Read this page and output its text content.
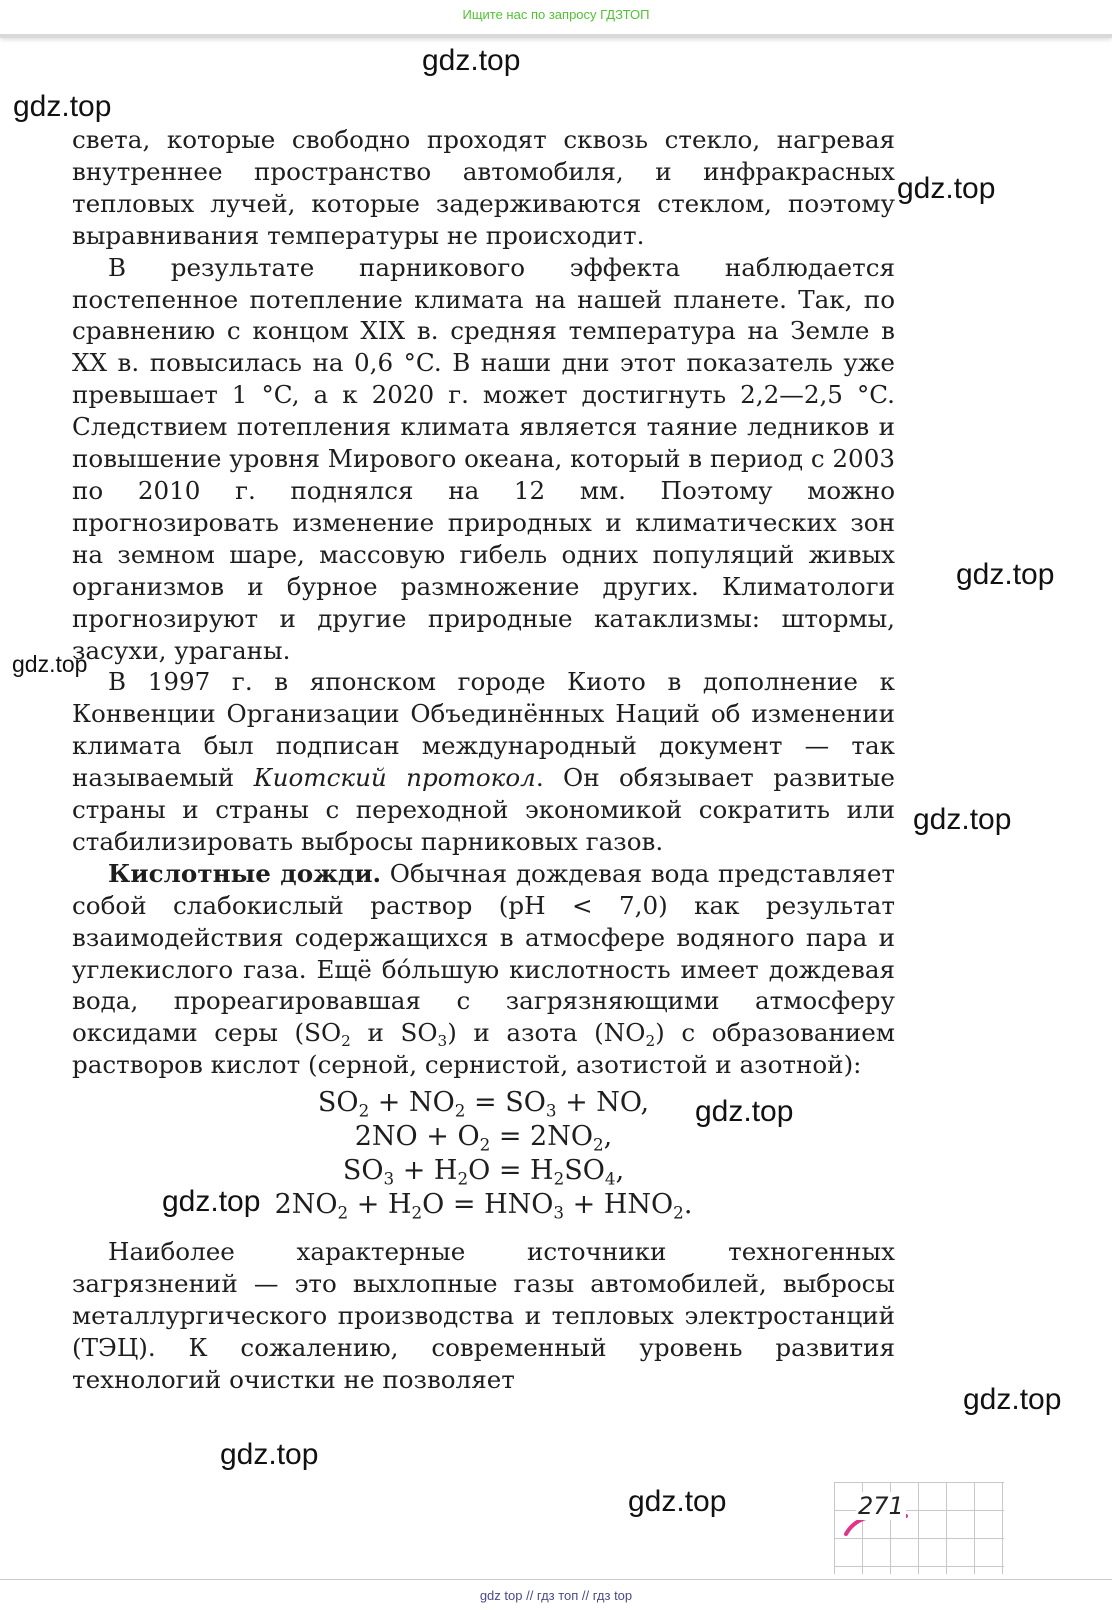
Ищите нас по запросу ГДЗТОП
gdz.top
gdz.top
gdz.top
gdz.top
gdz.top
gdz.top
gdz.top
gdz.top
gdz.top
gdz.top
gdz.top

света, которые свободно проходят сквозь стекло, нагревая внутреннее пространство автомобиля, и инфракрасных тепловых лучей, которые задерживаются стеклом, поэтому выравнивания температуры не происходит.

В результате парникового эффекта наблюдается постепенное потепление климата на нашей планете. Так, по сравнению с концом XIX в. средняя температура на Земле в XX в. повысилась на 0,6 °C. В наши дни этот показатель уже превышает 1 °C, а к 2020 г. может достигнуть 2,2—2,5 °C. Следствием потепления климата является таяние ледников и повышение уровня Мирового океана, который в период с 2003 по 2010 г. поднялся на 12 мм. Поэтому можно прогнозировать изменение природных и климатических зон на земном шаре, массовую гибель одних популяций живых организмов и бурное размножение других. Климатологи прогнозируют и другие природные катаклизмы: штормы, засухи, ураганы.

В 1997 г. в японском городе Киото в дополнение к Конвенции Организации Объединённых Наций об изменении климата был подписан международный документ — так называемый Киотский протокол. Он обязывает развитые страны и страны с переходной экономикой сократить или стабилизировать выбросы парниковых газов.

Кислотные дожди. Обычная дождевая вода представляет собой слабокислый раствор (pH < 7,0) как результат взаимодействия содержащихся в атмосфере водяного пара и углекислого газа. Ещё бóльшую кислотность имеет дождевая вода, прореагировавшая с загрязняющими атмосферу оксидами серы ($SO_2$ и $SO_3$) и азота $(NO_2)$ с образованием растворов кислот (серной, сернистой, азотистой и азотной):

$SO_2 + NO_2 = SO_3$ + NO,
$2NO + O_2 = 2NO_2$,
$SO_3 + H_2O = H_2SO_4$,
$2NO_2 + H_2O = HNO_3 + HNO_2$.

Наиболее характерные источники техногенных загрязнений — это выхлопные газы автомобилей, выбросы металлургического производства и тепловых электростанций (ТЭЦ). К сожалению, современный уровень развития технологий очистки не позволяет

271
gdz top // гдз топ // гдз top
